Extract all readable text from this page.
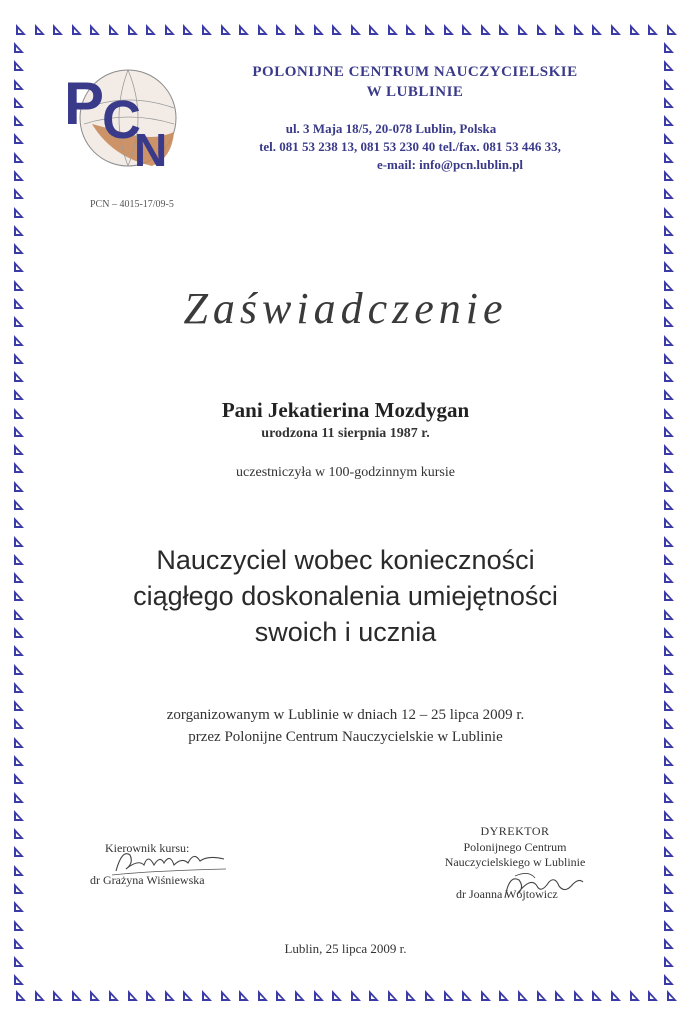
P
C
N
POLONIJNE CENTRUM NAUCZYCIELSKIE
W LUBLINIE
ul. 3 Maja 18/5, 20-078 Lublin, Polska
tel. 081 53 238 13, 081 53 230 40 tel./fax. 081 53 446 33,
e-mail: info@pcn.lublin.pl
PCN – 4015-17/09-5
Zaświadczenie
Pani Jekatierina Mozdygan
urodzona 11 sierpnia 1987 r.
uczestniczyła w 100-godzinnym kursie
Nauczyciel wobec konieczności
ciągłego doskonalenia umiejętności
swoich i ucznia
zorganizowanym w Lublinie w dniach 12 – 25 lipca 2009 r.
przez Polonijne Centrum Nauczycielskie w Lublinie
Kierownik kursu:
dr Grażyna Wiśniewska
DYREKTOR
Polonijnego Centrum
Nauczycielskiego w Lublinie
dr Joanna Wójtowicz
Lublin, 25 lipca 2009 r.
